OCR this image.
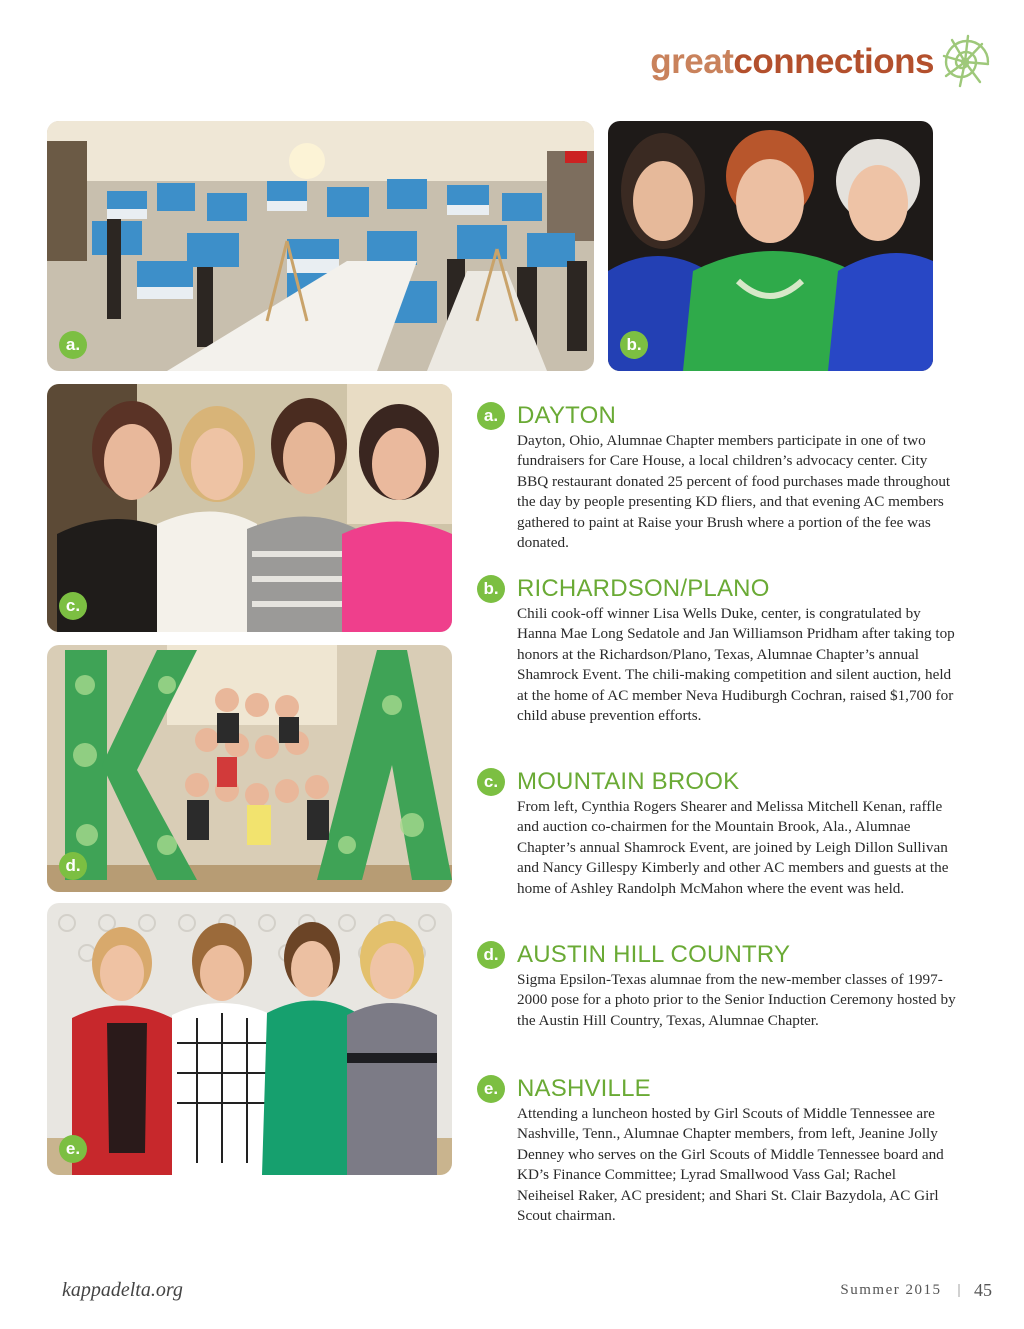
greatconnections
a.	b.
c.
d.
e.
a. DAYTON

Dayton, Ohio, Alumnae Chapter members participate in one of two fundraisers for Care House, a local children’s advocacy center. City BBQ restaurant donated 25 percent of food purchases made throughout the day by people presenting KD fliers, and that evening AC members gathered to paint at Raise your Brush where a portion of the fee was donated.

b. RICHARDSON/PLANO

Chili cook-off winner Lisa Wells Duke, center, is congratulated by Hanna Mae Long Sedatole and Jan Williamson Pridham after taking top honors at the Richardson/Plano, Texas, Alumnae Chapter’s annual Shamrock Event. The chili-making competition and silent auction, held at the home of AC member Neva Hudiburgh Cochran, raised $1,700 for child abuse prevention efforts.

c. MOUNTAIN BROOK

From left, Cynthia Rogers Shearer and Melissa Mitchell Kenan, raffle and auction co-chairmen for the Mountain Brook, Ala., Alumnae Chapter’s annual Shamrock Event, are joined by Leigh Dillon Sullivan and Nancy Gillespy Kimberly and other AC members and guests at the home of Ashley Randolph McMahon where the event was held.

d. AUSTIN HILL COUNTRY

Sigma Epsilon-Texas alumnae from the new-member classes of 1997-2000 pose for a photo prior to the Senior Induction Ceremony hosted by the Austin Hill Country, Texas, Alumnae Chapter.

e. NASHVILLE

Attending a luncheon hosted by Girl Scouts of Middle Tennessee are Nashville, Tenn., Alumnae Chapter members, from left, Jeanine Jolly Denney who serves on the Girl Scouts of Middle Tennessee board and KD’s Finance Committee; Lyrad Smallwood Vass Gal; Rachel Neiheisel Raker, AC president; and Shari St. Clair Bazydola, AC Girl Scout chairman.

kappadelta.org	Summer 2015 | 45
